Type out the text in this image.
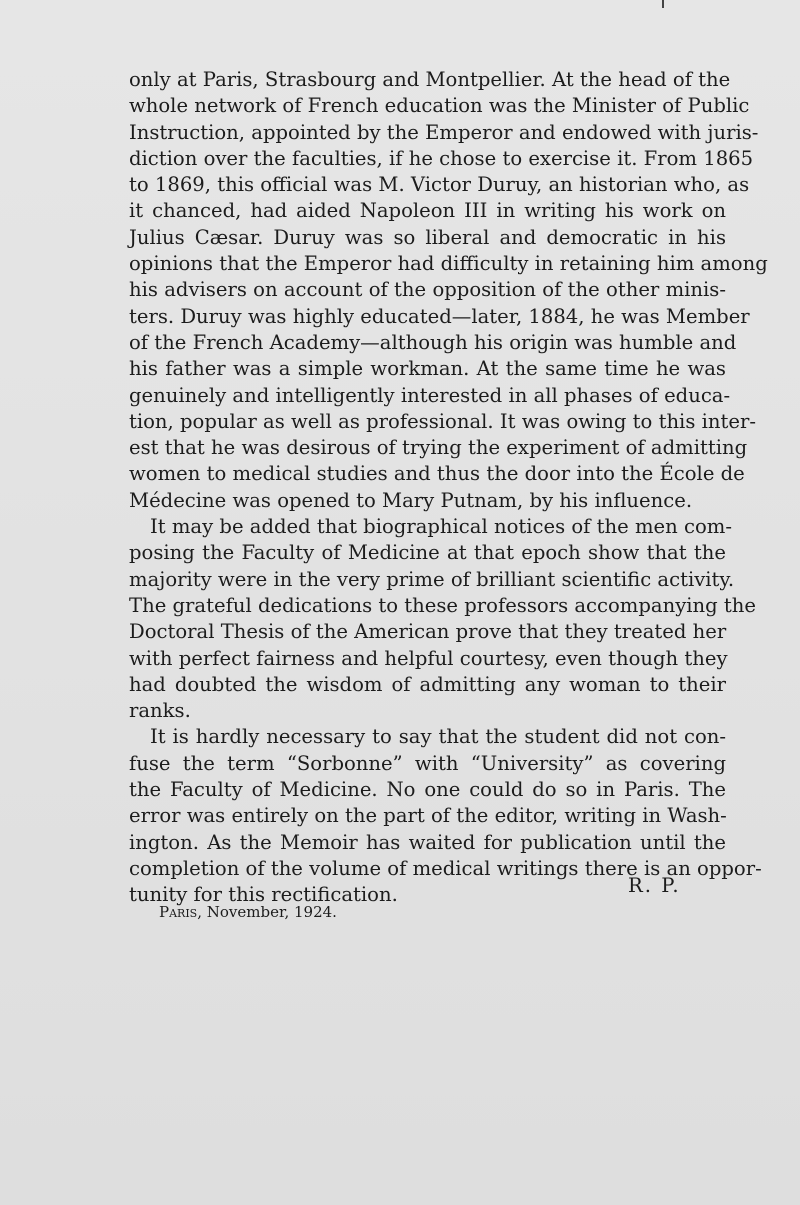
only at Paris, Strasbourg and Montpellier. At the head of the
whole network of French education was the Minister of Public
Instruction, appointed by the Emperor and endowed with juris-
diction over the faculties, if he chose to exercise it. From 1865
to 1869, this official was M. Victor Duruy, an historian who, as
it chanced, had aided Napoleon III in writing his work on
Julius Cæsar. Duruy was so liberal and democratic in his
opinions that the Emperor had difficulty in retaining him among
his advisers on account of the opposition of the other minis-
ters. Duruy was highly educated—later, 1884, he was Member
of the French Academy—although his origin was humble and
his father was a simple workman. At the same time he was
genuinely and intelligently interested in all phases of educa-
tion, popular as well as professional. It was owing to this inter-
est that he was desirous of trying the experiment of admitting
women to medical studies and thus the door into the École de
Médecine was opened to Mary Putnam, by his influence.
It may be added that biographical notices of the men com-
posing the Faculty of Medicine at that epoch show that the
majority were in the very prime of brilliant scientific activity.
The grateful dedications to these professors accompanying the
Doctoral Thesis of the American prove that they treated her
with perfect fairness and helpful courtesy, even though they
had doubted the wisdom of admitting any woman to their
ranks.
It is hardly necessary to say that the student did not con-
fuse the term “Sorbonne” with “University” as covering
the Faculty of Medicine. No one could do so in Paris. The
error was entirely on the part of the editor, writing in Wash-
ington. As the Memoir has waited for publication until the
completion of the volume of medical writings there is an oppor-
tunity for this rectification.	R. P.
Paris, November, 1924.
